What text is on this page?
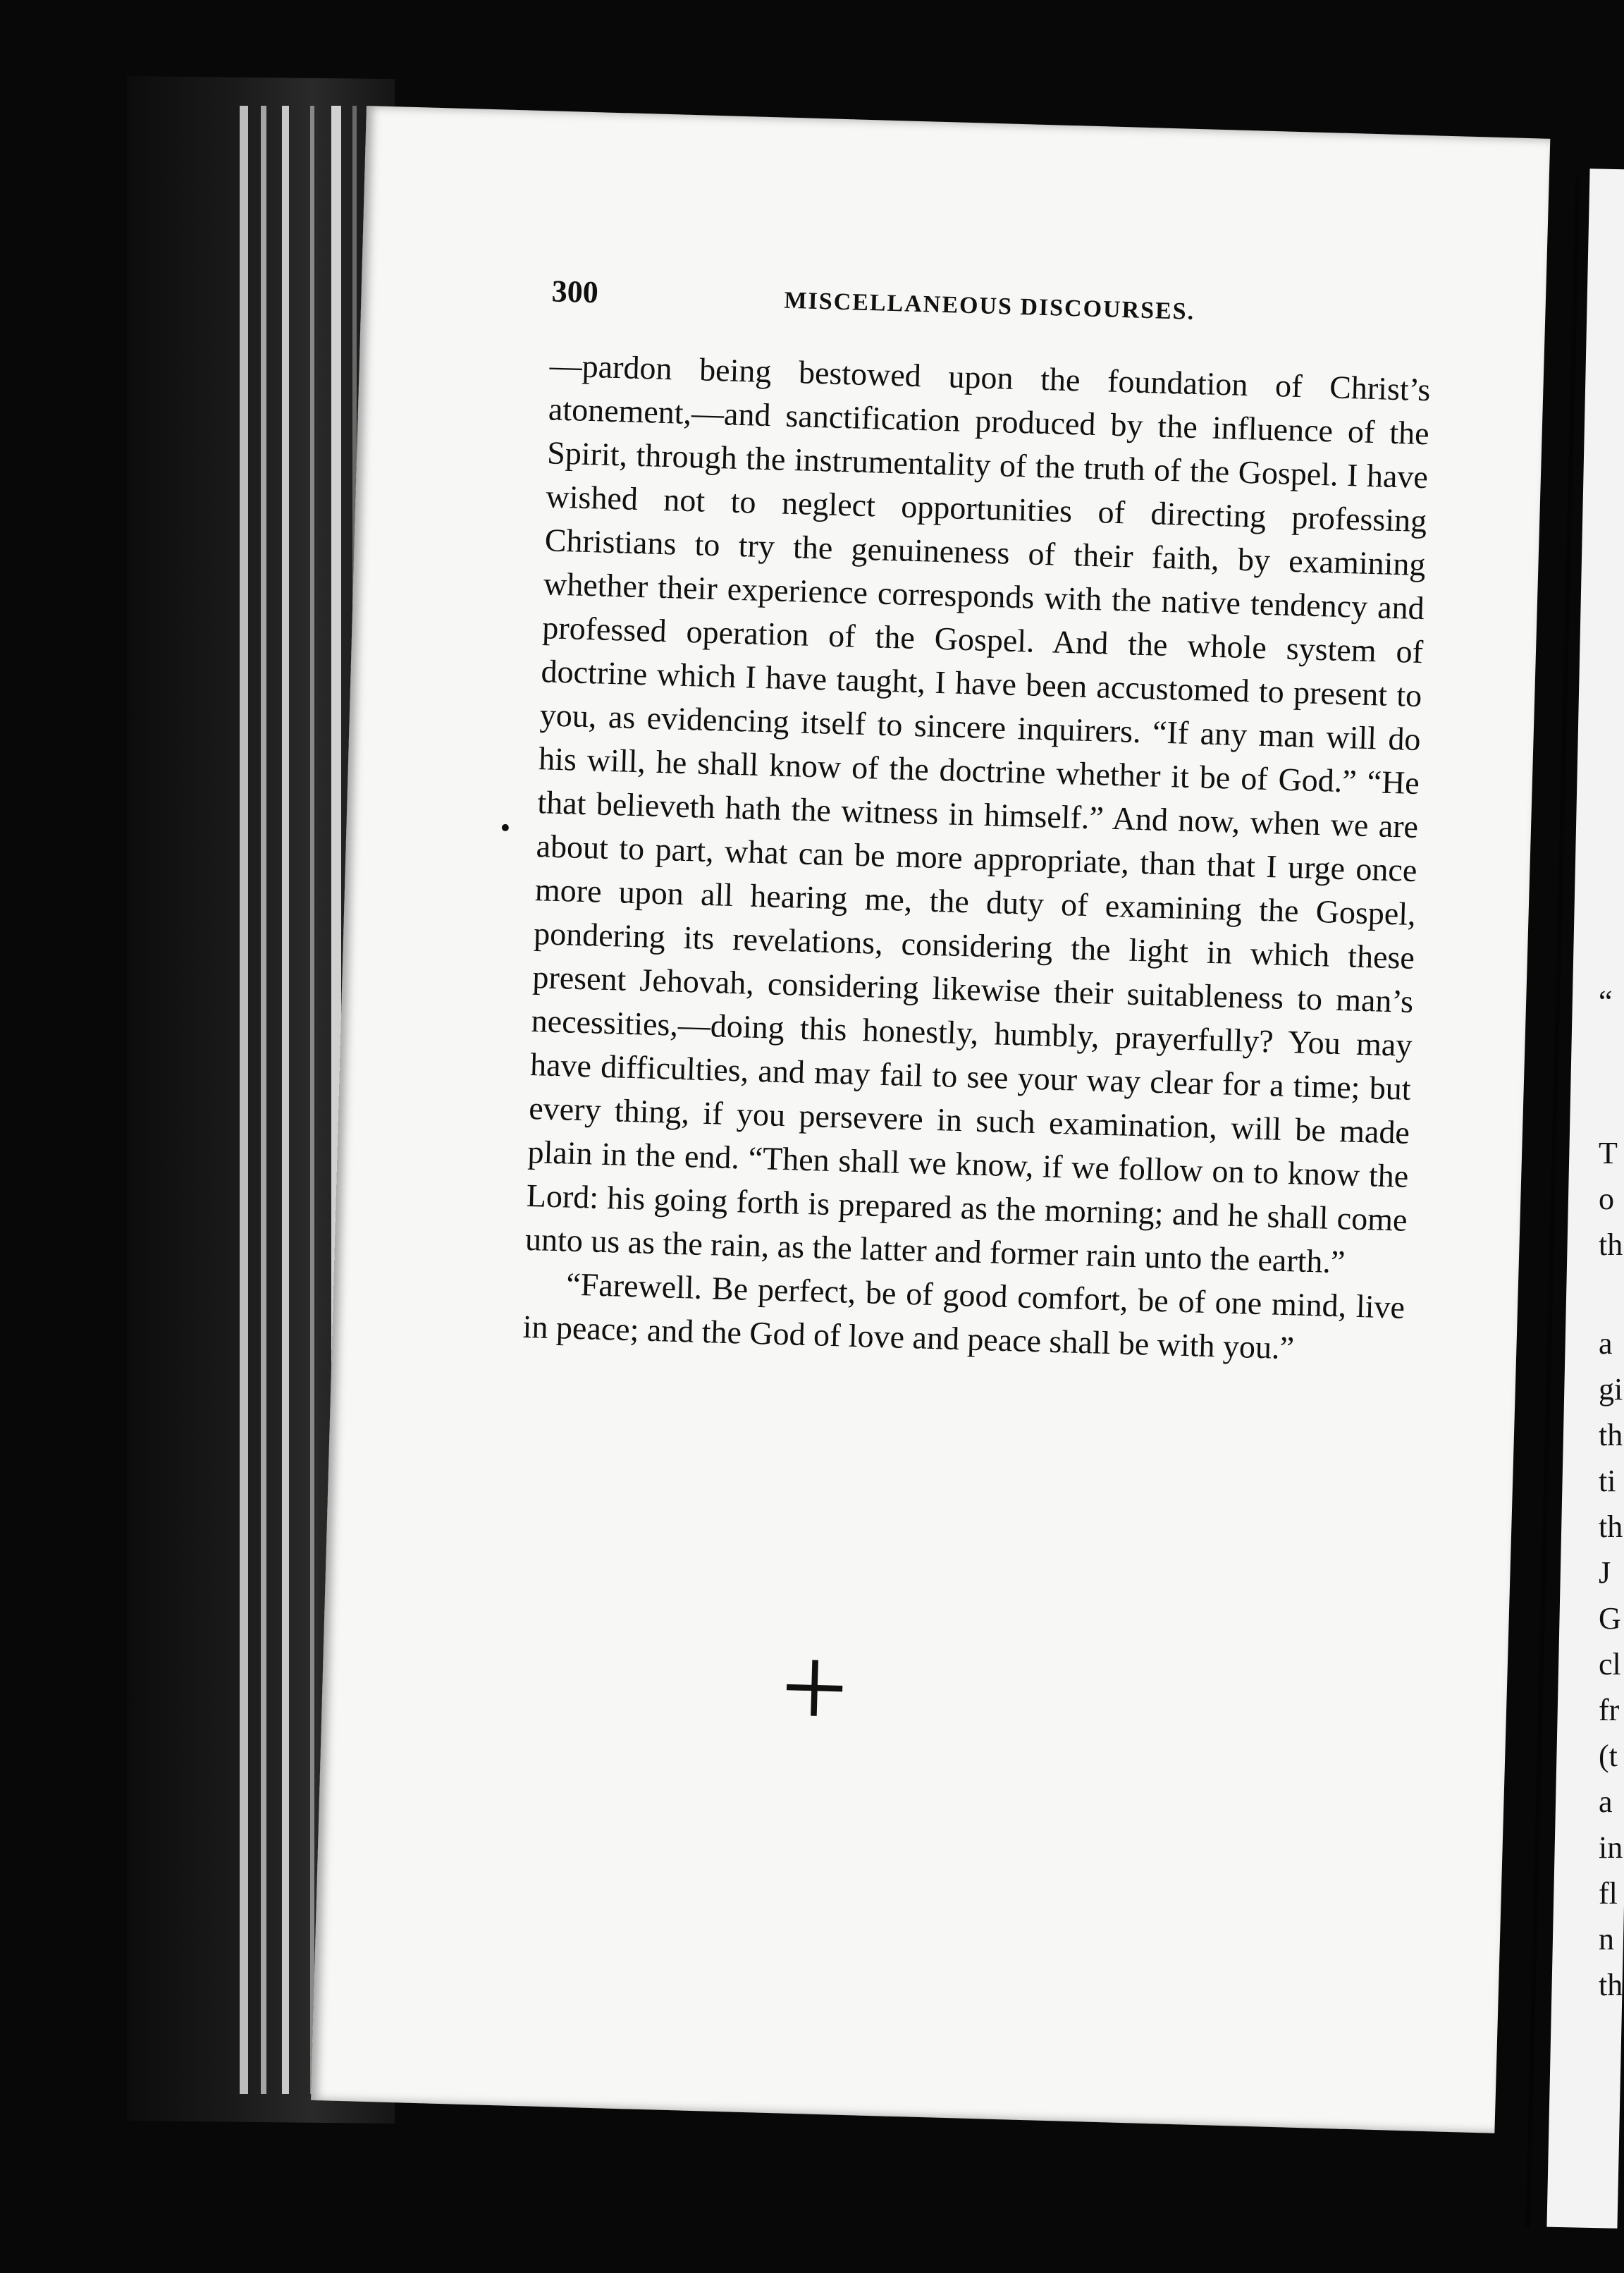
•
300	MISCELLANEOUS DISCOURSES.

—pardon being bestowed upon the foundation of Christ’s atonement,—and sanctification produced by the influence of the Spirit, through the instrumentality of the truth of the Gospel. I have wished not to neglect opportunities of directing professing Christians to try the genuineness of their faith, by examining whether their experience corresponds with the native tendency and professed operation of the Gospel. And the whole system of doctrine which I have taught, I have been accustomed to present to you, as evidencing itself to sincere inquirers. “If any man will do his will, he shall know of the doctrine whether it be of God.” “He that believeth hath the witness in himself.” And now, when we are about to part, what can be more appropriate, than that I urge once more upon all hearing me, the duty of examining the Gospel, pondering its revelations, considering the light in which these present Jehovah, considering likewise their suitableness to man’s necessities,—doing this honestly, humbly, prayerfully? You may have difficulties, and may fail to see your way clear for a time; but every thing, if you persevere in such examination, will be made plain in the end. “Then shall we know, if we follow on to know the Lord: his going forth is prepared as the morning; and he shall come unto us as the rain, as the latter and former rain unto the earth.”

“Farewell. Be perfect, be of good comfort, be of one mind, live in peace; and the God of love and peace shall be with you.”

+
“
T
o
th
a
gi
th
ti
th
J
G
cl
fr
(t
a
in
fl
n
th
